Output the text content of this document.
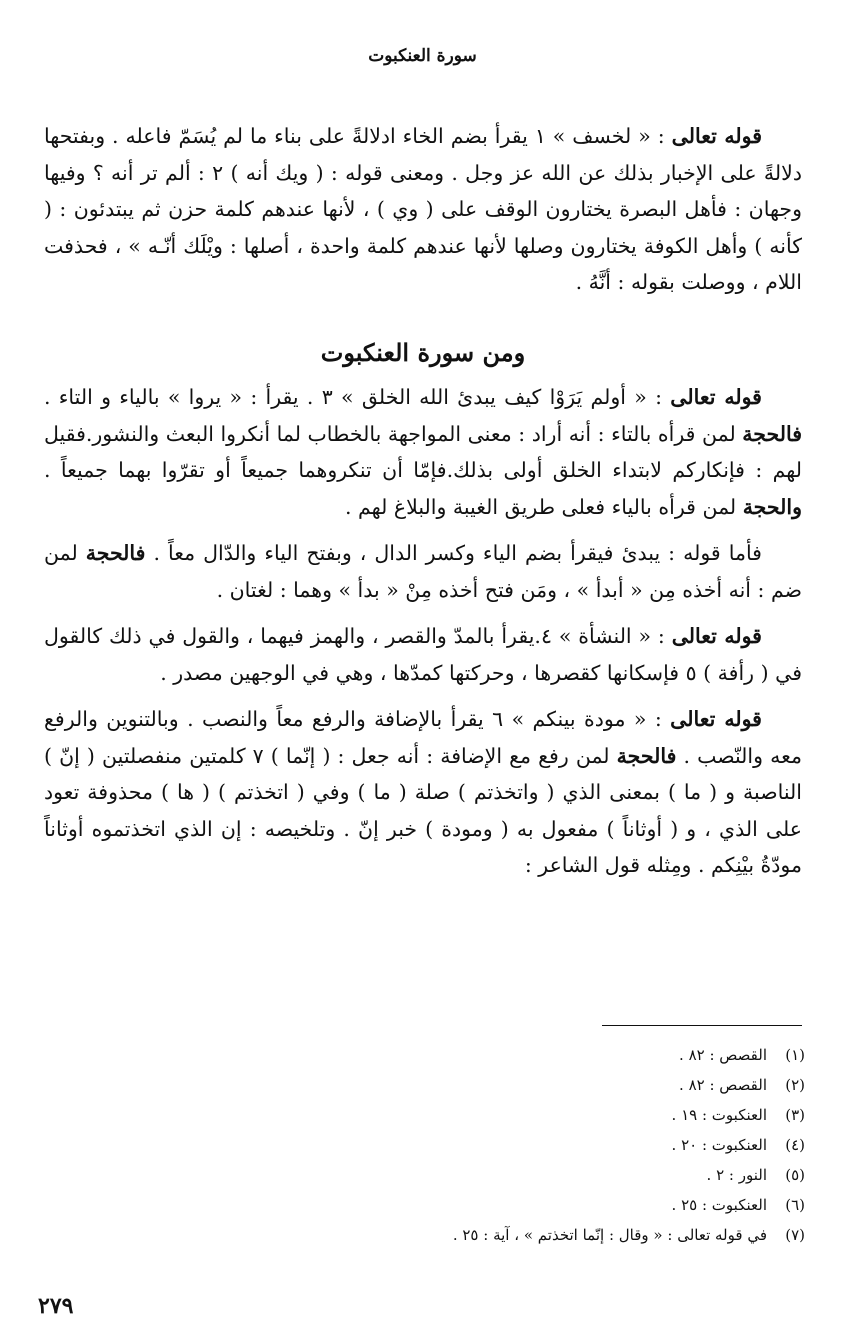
سورة العنكبوت

قوله تعالى : « لخسف » ١ يقرأ بضم الخاء ادلالةً على بناء ما لم يُسَمّ فاعله . وبفتحها دلالةً على الإخبار بذلك عن الله عز وجل . ومعنى قوله : ( ويك أنه ) ٢ : ألم تر أنه ؟ وفيها وجهان : فأهل البصرة يختارون الوقف على ( وي ) ، لأنها عندهم كلمة حزن ثم يبتدئون : ( كأنه ) وأهل الكوفة يختارون وصلها لأنها عندهم كلمة واحدة ، أصلها : ويْلَك أنّـه » ، فحذفت اللام ، ووصلت بقوله : أنَّهُ .

ومن سورة العنكبوت

قوله تعالى : « أولم يَرَوْا كيف يبدئ الله الخلق » ٣ . يقرأ : « يروا » بالياء و التاء . فالحجة لمن قرأه بالتاء : أنه أراد : معنى المواجهة بالخطاب لما أنكروا البعث والنشور.فقيل لهم : فإنكاركم لابتداء الخلق أولى بذلك.فإمّا أن تنكروهما جميعاً أو تقرّوا بهما جميعاً . والحجة لمن قرأه بالياء فعلى طريق الغيبة والبلاغ لهم .

فأما قوله : يبدئ فيقرأ بضم الياء وكسر الدال ، وبفتح الياء والدّال معاً . فالحجة لمن ضم : أنه أخذه مِن « أبدأ » ، ومَن فتح أخذه مِنْ « بدأ » وهما : لغتان .

قوله تعالى : « النشأة » ٤.يقرأ بالمدّ والقصر ، والهمز فيهما ، والقول في ذلك كالقول في ( رأفة ) ٥ فإسكانها كقصرها ، وحركتها كمدّها ، وهي في الوجهين مصدر .

قوله تعالى : « مودة بينكم » ٦ يقرأ بالإضافة والرفع معاً والنصب . وبالتنوين والرفع معه والنّصب . فالحجة لمن رفع مع الإضافة : أنه جعل : ( إنّما ) ٧ كلمتين منفصلتين ( إنّ ) الناصبة و ( ما ) بمعنى الذي ( واتخذتم ) صلة ( ما ) وفي ( اتخذتم ) ( ها ) محذوفة تعود على الذي ، و ( أوثاناً ) مفعول به ( ومودة ) خبر إنّ . وتلخيصه : إن الذي اتخذتموه أوثاناً مودّةُ بيْنِكم . ومِثله قول الشاعر :

(١)
القصص : ٨٢ .
(٢)
القصص : ٨٢ .
(٣)
العنكبوت : ١٩ .
(٤)
العنكبوت : ٢٠ .
(٥)
النور : ٢ .
(٦)
العنكبوت : ٢٥ .
(٧)
في قوله تعالى : « وقال : إنّما اتخذتم » ، آية : ٢٥ .
٢٧٩
